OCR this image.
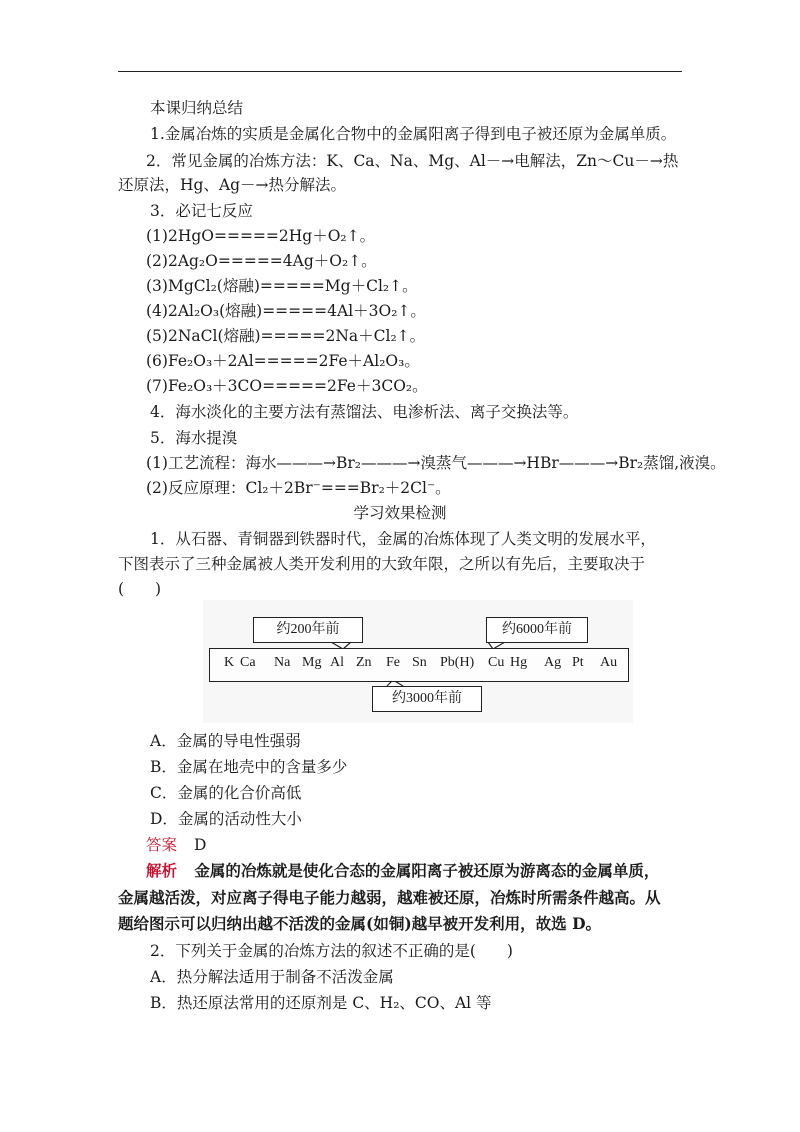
本课归纳总结
1.金属冶炼的实质是金属化合物中的金属阳离子得到电子被还原为金属单质。
2．常见金属的冶炼方法：K、Ca、Na、Mg、Al－→电解法，Zn～Cu－→热
还原法，Hg、Ag－→热分解法。
3．必记七反应
(1)2HgO=====2Hg＋O₂↑。
(2)2Ag₂O=====4Ag＋O₂↑。
(3)MgCl₂(熔融)=====Mg＋Cl₂↑。
(4)2Al₂O₃(熔融)=====4Al＋3O₂↑。
(5)2NaCl(熔融)=====2Na＋Cl₂↑。
(6)Fe₂O₃＋2Al=====2Fe＋Al₂O₃。
(7)Fe₂O₃＋3CO=====2Fe＋3CO₂。
4．海水淡化的主要方法有蒸馏法、电渗析法、离子交换法等。
5．海水提溴
(1)工艺流程：海水———→Br₂———→溴蒸气———→HBr———→Br₂蒸馏,液溴。
(2)反应原理：Cl₂＋2Br⁻===Br₂＋2Cl⁻。
学习效果检测
1．从石器、青铜器到铁器时代，金属的冶炼体现了人类文明的发展水平，
下图表示了三种金属被人类开发利用的大致年限，之所以有先后，主要取决于
(　　)
K Ca Na Mg Al Zn Fe Sn Pb(H) Cu Hg Ag Pt Au
约200年前	约6000年前
约3000年前
A．金属的导电性强弱
B．金属在地壳中的含量多少
C．金属的化合价高低
D．金属的活动性大小
答案 D
解析 金属的冶炼就是使化合态的金属阳离子被还原为游离态的金属单质，
金属越活泼，对应离子得电子能力越弱，越难被还原，冶炼时所需条件越高。从
题给图示可以归纳出越不活泼的金属(如铜)越早被开发利用，故选 D。
2．下列关于金属的冶炼方法的叙述不正确的是(　　)
A．热分解法适用于制备不活泼金属
B．热还原法常用的还原剂是 C、H₂、CO、Al 等
